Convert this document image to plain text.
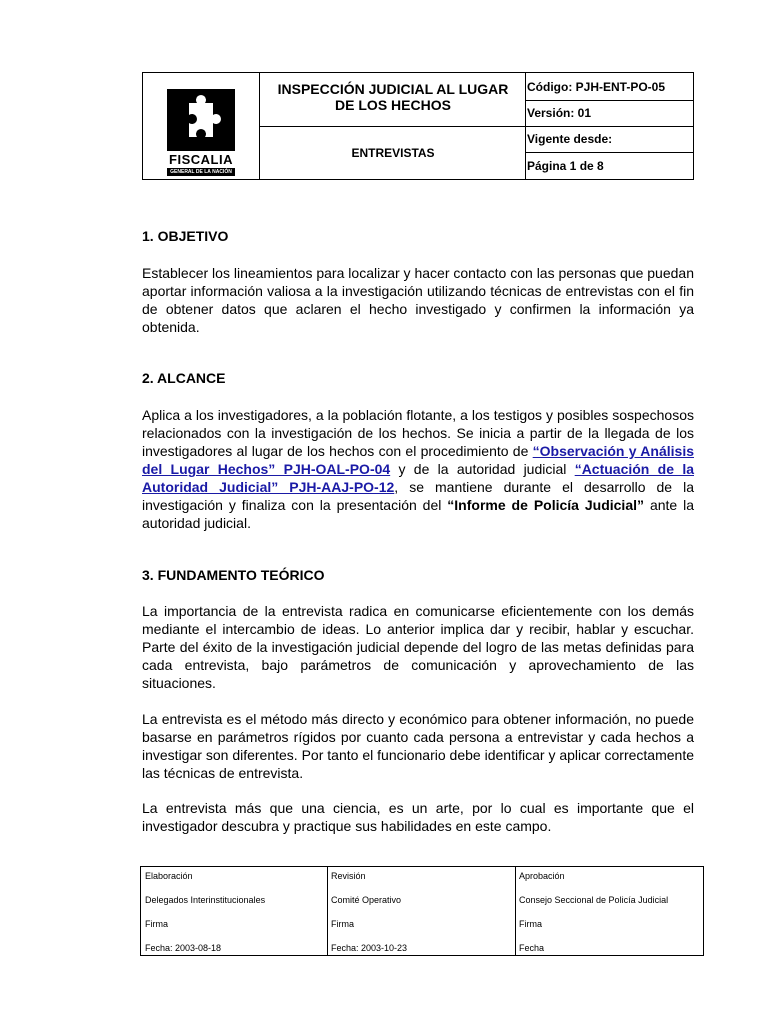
FISCALIA
GENERAL DE LA NACIÓN
INSPECCIÓN JUDICIAL AL LUGAR
DE LOS HECHOS
ENTREVISTAS
Código: PJH-ENT-PO-05
Versión: 01
Vigente desde:
Página 1 de 8
1. OBJETIVO

Establecer los lineamientos para localizar y hacer contacto con las personas que puedan aportar información valiosa a la investigación utilizando técnicas de entrevistas con el fin de obtener datos que aclaren el hecho investigado y confirmen la información ya obtenida.

2. ALCANCE

Aplica a los investigadores, a la población flotante, a los testigos y posibles sospechosos relacionados con la investigación de los hechos. Se inicia a partir de la llegada de los investigadores al lugar de los hechos con el procedimiento de “Observación y Análisis del Lugar Hechos” PJH-OAL-PO-04 y de la autoridad judicial “Actuación de la Autoridad Judicial” PJH-AAJ-PO-12, se mantiene durante el desarrollo de la investigación y finaliza con la presentación del “Informe de Policía Judicial” ante la autoridad judicial.

3. FUNDAMENTO TEÓRICO

La importancia de la entrevista radica en comunicarse eficientemente con los demás mediante el intercambio de ideas. Lo anterior implica dar y recibir, hablar y escuchar. Parte del éxito de la investigación judicial depende del logro de las metas definidas para cada entrevista, bajo parámetros de comunicación y aprovechamiento de las situaciones.

La entrevista es el método más directo y económico para obtener información, no puede basarse en parámetros rígidos por cuanto cada persona a entrevistar y cada hechos a investigar son diferentes. Por tanto el funcionario debe identificar y aplicar correctamente las técnicas de entrevista.

La entrevista más que una ciencia, es un arte, por lo cual es importante que el investigador descubra y practique sus habilidades en este campo.

Elaboración
Delegados Interinstitucionales
Firma
Fecha: 2003-08-18
Revisión
Comité Operativo
Firma
Fecha: 2003-10-23
Aprobación
Consejo Seccional de Policía Judicial
Firma
Fecha
